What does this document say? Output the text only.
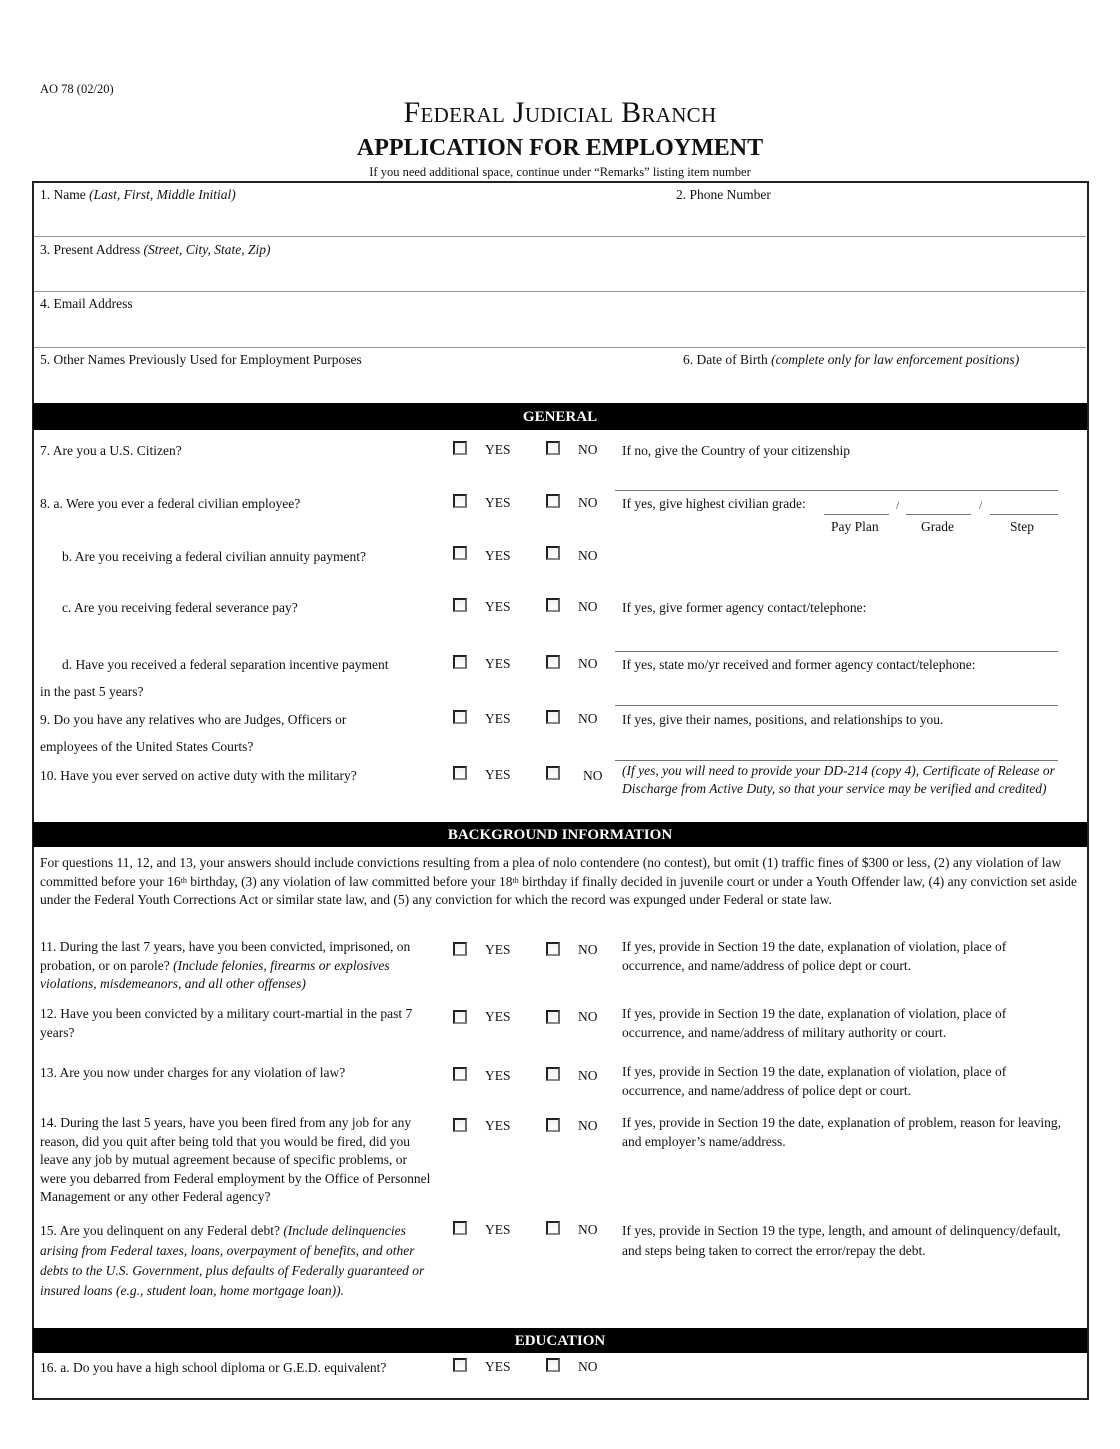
AO 78 (02/20)
Federal Judicial Branch
APPLICATION FOR EMPLOYMENT
If you need additional space, continue under “Remarks” listing item number
1. Name (Last, First, Middle Initial)	2. Phone Number
3. Present Address (Street, City, State, Zip)
4. Email Address
5. Other Names Previously Used for Employment Purposes	6. Date of Birth (complete only for law enforcement positions)
GENERAL
7. Are you a U.S. Citizen?	YES	NO If no, give the Country of your citizenship
8. a. Were you ever a federal civilian employee?	YES	NO If yes, give highest civilian grade:	/	/
Pay Plan	Grade	Step
b. Are you receiving a federal civilian annuity payment?	YES	NO
c. Are you receiving federal severance pay?	YES	NO If yes, give former agency contact/telephone:
d. Have you received a federal separation incentive payment
in the past 5 years?
YES	NO If yes, state mo/yr received and former agency contact/telephone:
9. Do you have any relatives who are Judges, Officers or
employees of the United States Courts?
YES	NO If yes, give their names, positions, and relationships to you.
10. Have you ever served on active duty with the military?	YES	NO (If yes, you will need to provide your DD-214 (copy 4), Certificate of Release or Discharge from Active Duty, so that your service may be verified and credited)
BACKGROUND INFORMATION
For questions 11, 12, and 13, your answers should include convictions resulting from a plea of nolo contendere (no contest), but omit (1) traffic fines of $300 or less, (2) any violation of law committed before your 16th birthday, (3) any violation of law committed before your 18th birthday if finally decided in juvenile court or under a Youth Offender law, (4) any conviction set aside under the Federal Youth Corrections Act or similar state law, and (5) any conviction for which the record was expunged under Federal or state law.
11. During the last 7 years, have you been convicted, imprisoned, on probation, or on parole? (Include felonies, firearms or explosives violations, misdemeanors, and all other offenses)
YES	NO If yes, provide in Section 19 the date, explanation of violation, place of occurrence, and name/address of police dept or court.
12. Have you been convicted by a military court-martial in the past 7 years?
YES	NO If yes, provide in Section 19 the date, explanation of violation, place of occurrence, and name/address of military authority or court.
13. Are you now under charges for any violation of law?	YES	NO If yes, provide in Section 19 the date, explanation of violation, place of occurrence, and name/address of police dept or court.
14. During the last 5 years, have you been fired from any job for any reason, did you quit after being told that you would be fired, did you leave any job by mutual agreement because of specific problems, or were you debarred from Federal employment by the Office of Personnel Management or any other Federal agency?
YES	NO If yes, provide in Section 19 the date, explanation of problem, reason for leaving, and employer’s name/address.
15. Are you delinquent on any Federal debt? (Include delinquencies arising from Federal taxes, loans, overpayment of benefits, and other debts to the U.S. Government, plus defaults of Federally guaranteed or insured loans (e.g., student loan, home mortgage loan)).
YES	NO If yes, provide in Section 19 the type, length, and amount of delinquency/default, and steps being taken to correct the error/repay the debt.
EDUCATION
16. a. Do you have a high school diploma or G.E.D. equivalent?	YES	NO
